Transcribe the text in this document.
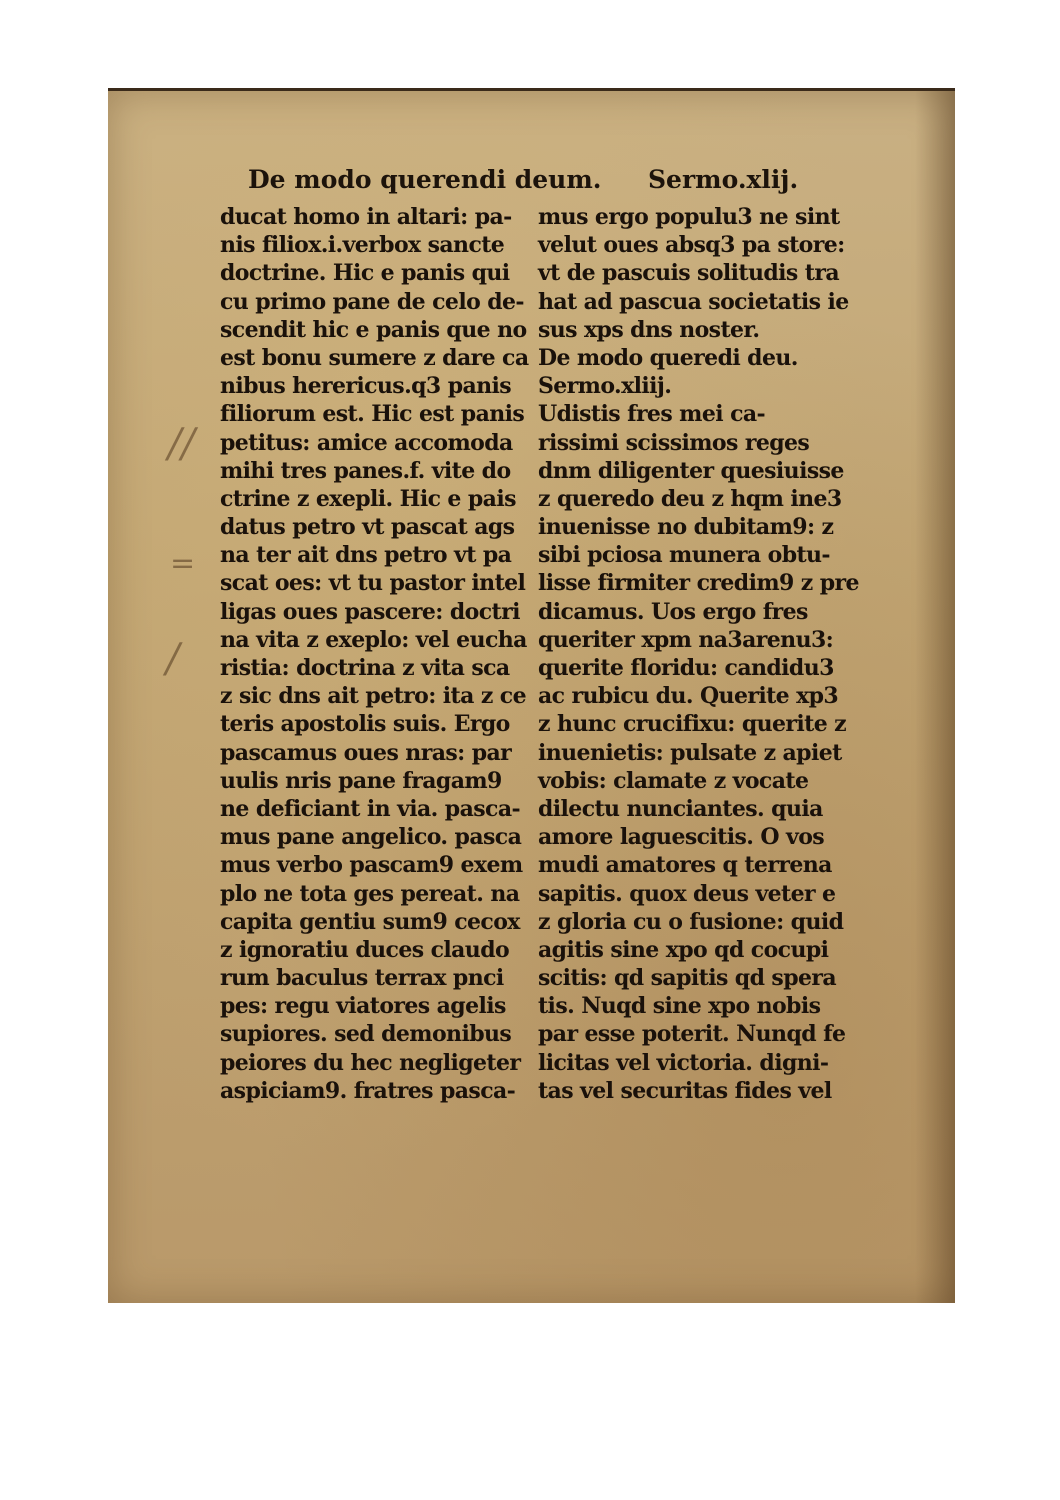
De modo querendi deum. Sermo.xlij.
ducat homo in altari: pa-
nis filiox.i.verbox sancte
doctrine. Hic e panis qui
cu primo pane de celo de-
scendit hic e panis que no
est bonu sumere z dare ca
nibus herericus.q3 panis
filiorum est. Hic est panis
petitus: amice accomoda
mihi tres panes.f. vite do
ctrine z exepli. Hic e pais
datus petro vt pascat ags
na ter ait dns petro vt pa
scat oes: vt tu pastor intel
ligas oues pascere: doctri
na vita z exeplo: vel eucha
ristia: doctrina z vita sca
z sic dns ait petro: ita z ce
teris apostolis suis. Ergo
pascamus oues nras: par
uulis nris pane fragam9
ne deficiant in via. pasca-
mus pane angelico. pasca
mus verbo pascam9 exem
plo ne tota ges pereat. na
capita gentiu sum9 cecox
z ignoratiu duces claudo
rum baculus terrax pnci
pes: regu viatores agelis
supiores. sed demonibus
peiores du hec negligeter
aspiciam9. fratres pasca-
mus ergo populu3 ne sint
velut oues absq3 pa store:
vt de pascuis solitudis tra
hat ad pascua societatis ie
sus xps dns noster.
De modo queredi deu.
Sermo.xliij.
Udistis fres mei ca-
rissimi scissimos reges
dnm diligenter quesiuisse
z queredo deu z hqm ine3
inuenisse no dubitam9: z
sibi pciosa munera obtu-
lisse firmiter credim9 z pre
dicamus. Uos ergo fres
queriter xpm na3arenu3:
querite floridu: candidu3
ac rubicu du. Querite xp3
z hunc crucifixu: querite z
inuenietis: pulsate z apiet
vobis: clamate z vocate
dilectu nunciantes. quia
amore laguescitis. O vos
mudi amatores q terrena
sapitis. quox deus veter e
z gloria cu o fusione: quid
agitis sine xpo qd cocupi
scitis: qd sapitis qd spera
tis. Nuqd sine xpo nobis
par esse poterit. Nunqd fe
licitas vel victoria. digni-
tas vel securitas fides vel
//
=
/
